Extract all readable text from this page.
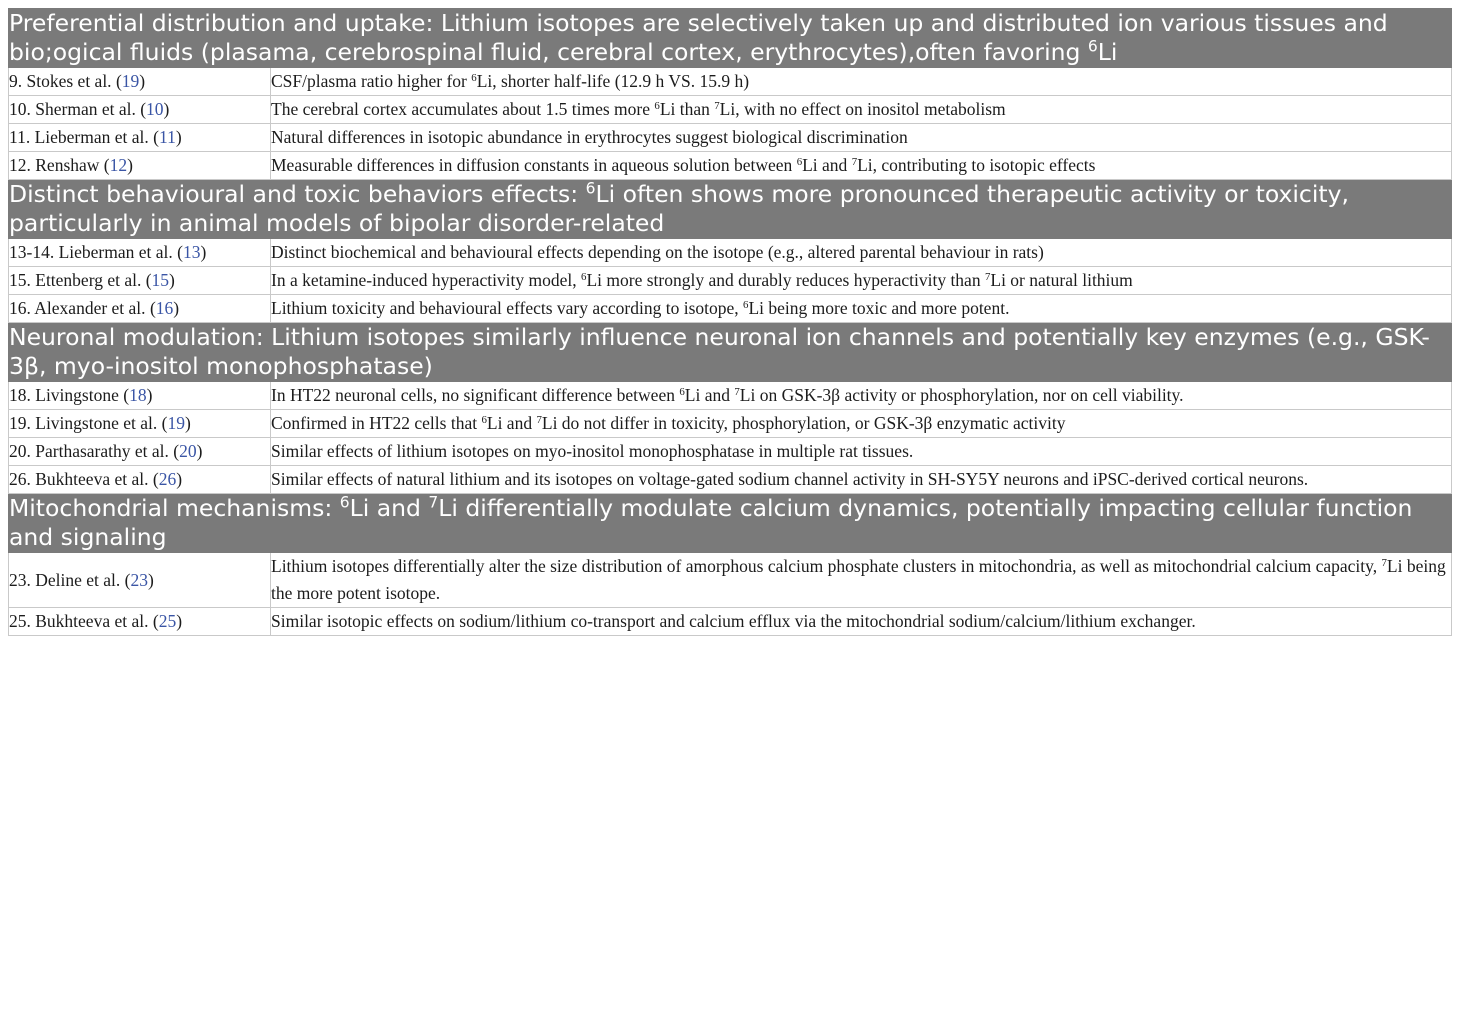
Preferential distribution and uptake: Lithium isotopes are selectively taken up and distributed ion various tissues and bio;ogical fluids (plasama, cerebrospinal fluid, cerebral cortex, erythrocytes),often favoring $^6$Li	
9. Stokes et al. (19)	CSF/plasma ratio higher for $^6$Li, shorter half-life (12.9 h VS. 15.9 h)
10. Sherman et al. (10)	The cerebral cortex accumulates about 1.5 times more $^6$Li than $^7$Li, with no effect on inositol metabolism
11. Lieberman et al. (11)	Natural differences in isotopic abundance in erythrocytes suggest biological discrimination
12. Renshaw (12)	Measurable differences in diffusion constants in aqueous solution between $^6$Li and $^7$Li, contributing to isotopic effects
Distinct behavioural and toxic behaviors effects: $^6$Li often shows more pronounced therapeutic activity or toxicity, particularly in animal models of bipolar disorder-related	
13-14. Lieberman et al. (13)	Distinct biochemical and behavioural effects depending on the isotope (e.g., altered parental behaviour in rats)
15. Ettenberg et al. (15)	In a ketamine-induced hyperactivity model, $^6$Li more strongly and durably reduces hyperactivity than $^7$Li or natural lithium
16. Alexander et al. (16)	Lithium toxicity and behavioural effects vary according to isotope, $^6$Li being more toxic and more potent.
Neuronal modulation: Lithium isotopes similarly influence neuronal ion channels and potentially key enzymes (e.g., GSK-3β, myo-inositol monophosphatase)	
18. Livingstone (18)	In HT22 neuronal cells, no significant difference between $^6$Li and $^7$Li on GSK-3β activity or phosphorylation, nor on cell viability.
19. Livingstone et al. (19)	Confirmed in HT22 cells that $^6$Li and $^7$Li do not differ in toxicity, phosphorylation, or GSK-3β enzymatic activity
20. Parthasarathy et al. (20)	Similar effects of lithium isotopes on myo-inositol monophosphatase in multiple rat tissues.
26. Bukhteeva et al. (26)	Similar effects of natural lithium and its isotopes on voltage-gated sodium channel activity in SH-SY5Y neurons and iPSC-derived cortical neurons.
Mitochondrial mechanisms: $^6$Li and $^7$Li differentially modulate calcium dynamics, potentially impacting cellular function and signaling	
23. Deline et al. (23)	Lithium isotopes differentially alter the size distribution of amorphous calcium phosphate clusters in mitochondria, as well as mitochondrial calcium capacity, $^7$Li being the more potent isotope.
25. Bukhteeva et al. (25)	Similar isotopic effects on sodium/lithium co-transport and calcium efflux via the mitochondrial sodium/calcium/lithium exchanger.
